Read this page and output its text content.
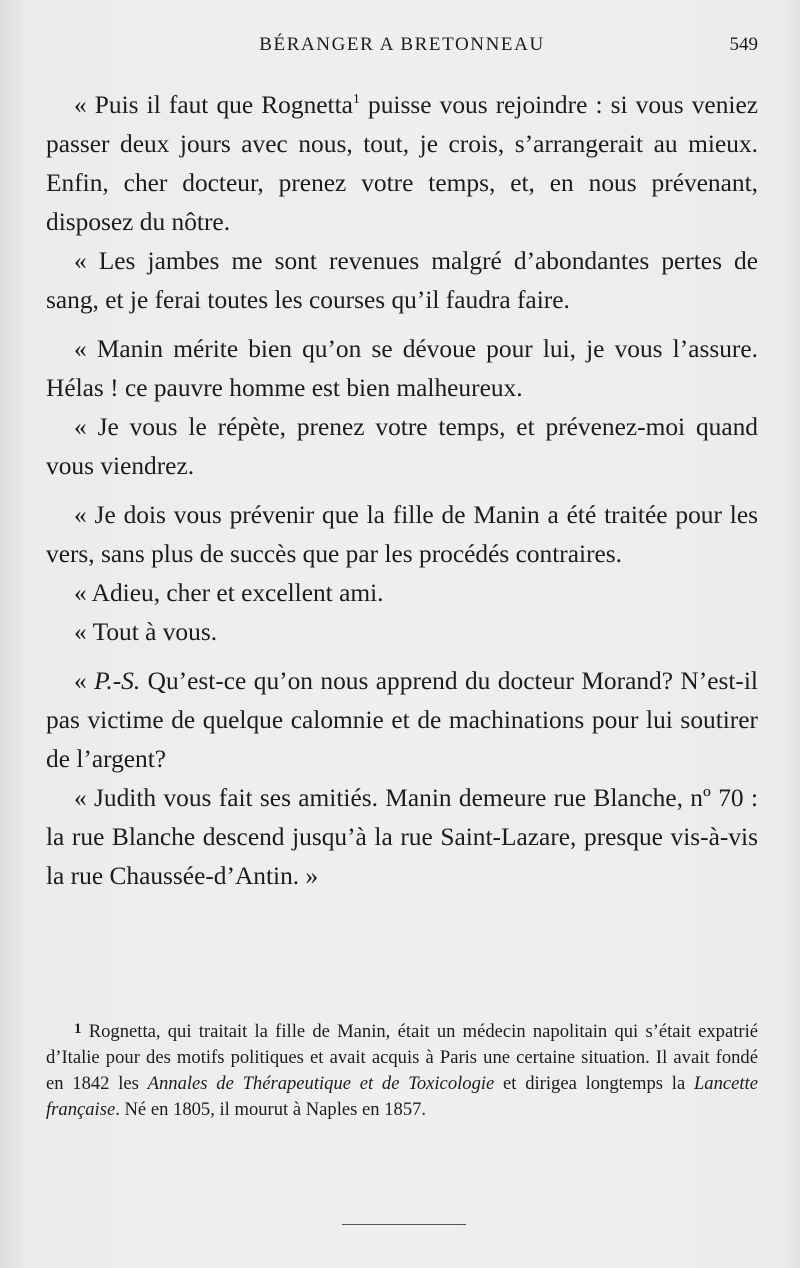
BÉRANGER A BRETONNEAU	549

« Puis il faut que Rognetta$^1$ puisse vous rejoindre : si vous veniez passer deux jours avec nous, tout, je crois, s’arrangerait au mieux. Enfin, cher docteur, prenez votre temps, et, en nous prévenant, disposez du nôtre.

« Les jambes me sont revenues malgré d’abondantes pertes de sang, et je ferai toutes les courses qu’il faudra faire.

« Manin mérite bien qu’on se dévoue pour lui, je vous l’assure. Hélas ! ce pauvre homme est bien malheureux.

« Je vous le répète, prenez votre temps, et prévenez-moi quand vous viendrez.

« Je dois vous prévenir que la fille de Manin a été traitée pour les vers, sans plus de succès que par les procédés contraires.

« Adieu, cher et excellent ami.

« Tout à vous.

« P.-S. Qu’est-ce qu’on nous apprend du docteur Morand? N’est-il pas victime de quelque calomnie et de machinations pour lui soutirer de l’argent?

« Judith vous fait ses amitiés. Manin demeure rue Blanche, nº 70 : la rue Blanche descend jusqu’à la rue Saint-Lazare, presque vis-à-vis la rue Chaussée-d’Antin. »

$^1$ Rognetta, qui traitait la fille de Manin, était un médecin napolitain qui s’était expatrié d’Italie pour des motifs politiques et avait acquis à Paris une certaine situation. Il avait fondé en 1842 les Annales de Thérapeutique et de Toxicologie et dirigea longtemps la Lancette française. Né en 1805, il mourut à Naples en 1857.
